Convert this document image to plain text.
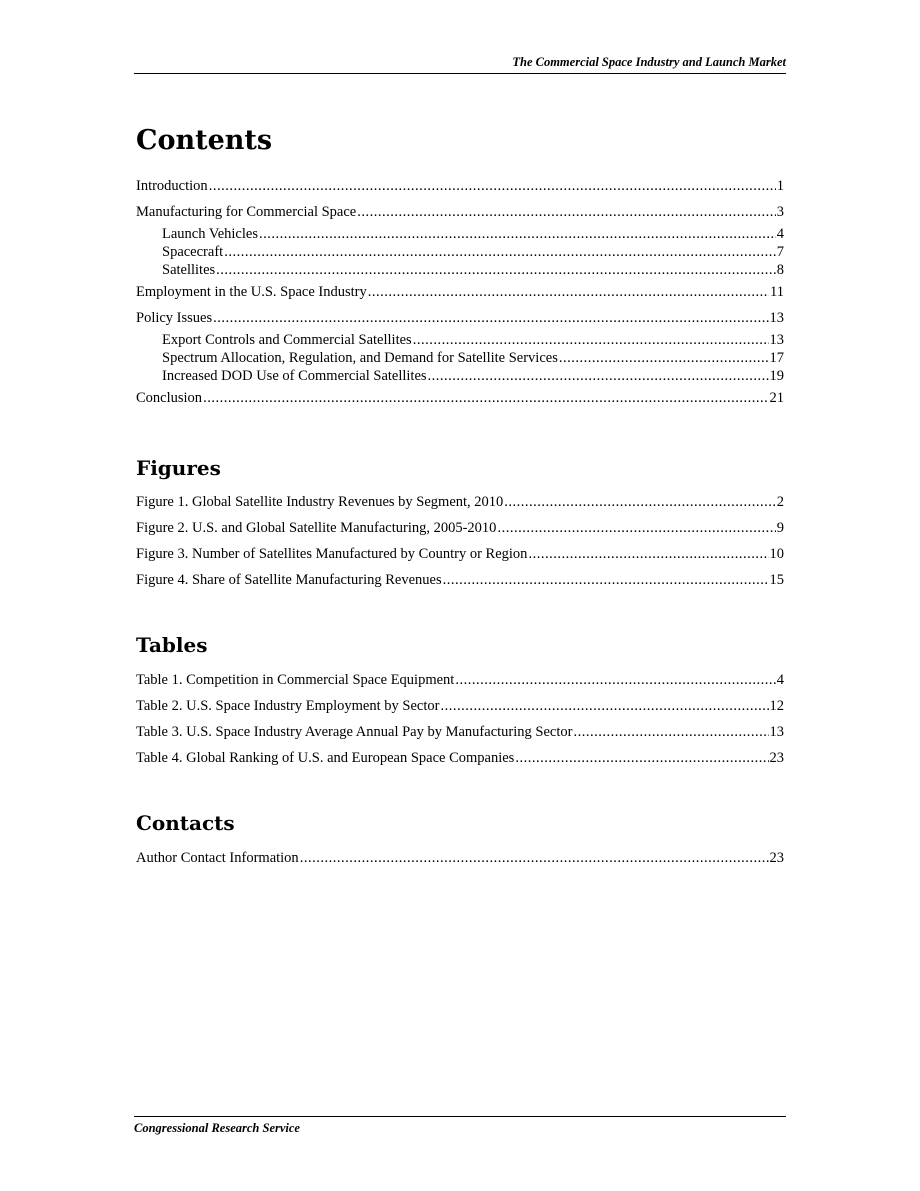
The Commercial Space Industry and Launch Market
Contents
Introduction .....	1
Manufacturing for Commercial Space .....	3
Launch Vehicles .....	4
Spacecraft .....	7
Satellites .....	8
Employment in the U.S. Space Industry .....	11
Policy Issues .....	13
Export Controls and Commercial Satellites .....	13
Spectrum Allocation, Regulation, and Demand for Satellite Services .....	17
Increased DOD Use of Commercial Satellites .....	19
Conclusion .....	21
Figures
Figure 1. Global Satellite Industry Revenues by Segment, 2010 .....	2
Figure 2. U.S. and Global Satellite Manufacturing, 2005-2010 .....	9
Figure 3. Number of Satellites Manufactured by Country or Region .....	10
Figure 4. Share of Satellite Manufacturing Revenues .....	15
Tables
Table 1. Competition in Commercial Space Equipment .....	4
Table 2. U.S. Space Industry Employment by Sector .....	12
Table 3. U.S. Space Industry Average Annual Pay by Manufacturing Sector .....	13
Table 4. Global Ranking of U.S. and European Space Companies .....	23
Contacts
Author Contact Information .....	23
Congressional Research Service
